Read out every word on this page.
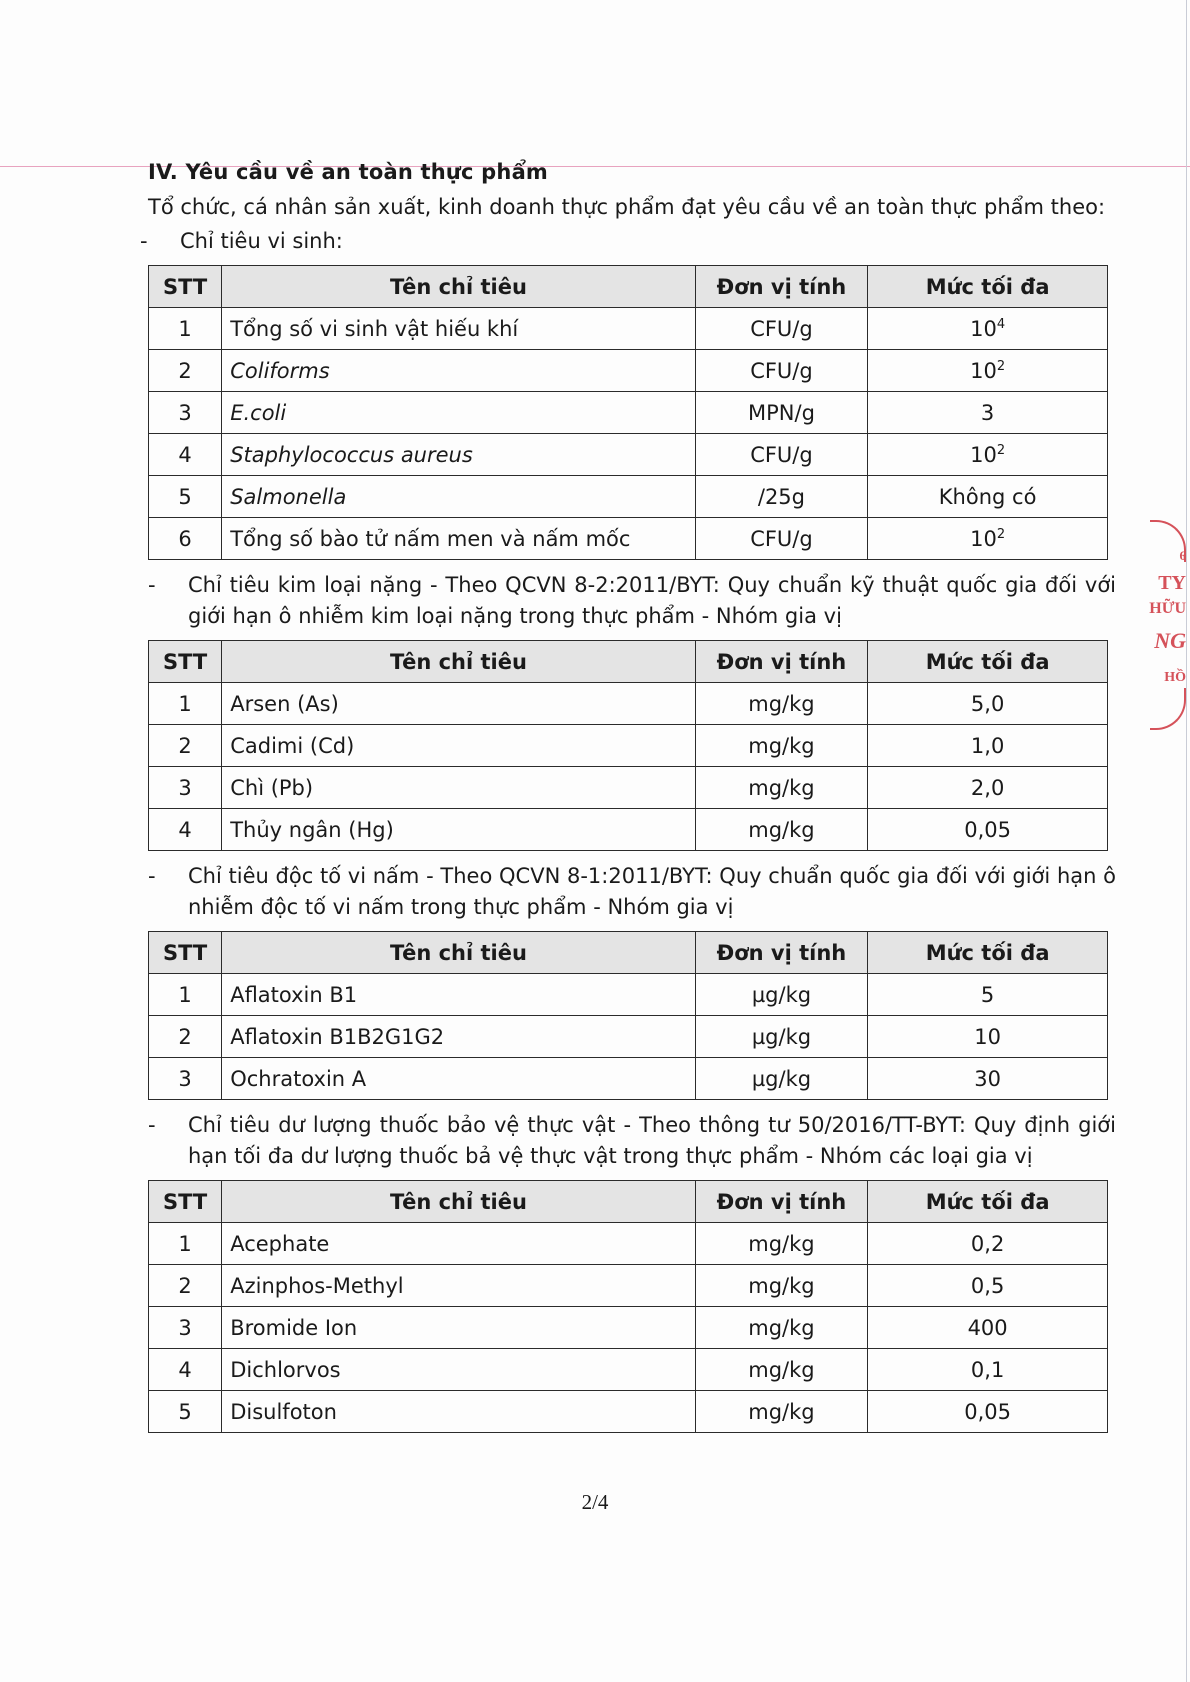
IV. Yêu cầu về an toàn thực phẩm

Tổ chức, cá nhân sản xuất, kinh doanh thực phẩm đạt yêu cầu về an toàn thực phẩm theo:

-	Chỉ tiêu vi sinh:
STT	Tên chỉ tiêu	Đơn vị tính	Mức tối đa
1	Tổng số vi sinh vật hiếu khí	CFU/g	$10^4$
2	Coliforms	CFU/g	$10^2$
3	E.coli	MPN/g	3
4	Staphylococcus aureus	CFU/g	$10^2$
5	Salmonella	/25g	Không có
6	Tổng số bào tử nấm men và nấm mốc	CFU/g	$10^2$
-	Chỉ tiêu kim loại nặng - Theo QCVN 8-2:2011/BYT: Quy chuẩn kỹ thuật quốc gia đối với giới hạn ô nhiễm kim loại nặng trong thực phẩm - Nhóm gia vị
STT	Tên chỉ tiêu	Đơn vị tính	Mức tối đa
1	Arsen (As)	mg/kg	5,0
2	Cadimi (Cd)	mg/kg	1,0
3	Chì (Pb)	mg/kg	2,0
4	Thủy ngân (Hg)	mg/kg	0,05
-	Chỉ tiêu độc tố vi nấm - Theo QCVN 8-1:2011/BYT: Quy chuẩn quốc gia đối với giới hạn ô nhiễm độc tố vi nấm trong thực phẩm - Nhóm gia vị
STT	Tên chỉ tiêu	Đơn vị tính	Mức tối đa
1	Aflatoxin B1	µg/kg	5
2	Aflatoxin B1B2G1G2	µg/kg	10
3	Ochratoxin A	µg/kg	30
-	Chỉ tiêu dư lượng thuốc bảo vệ thực vật - Theo thông tư 50/2016/TT-BYT: Quy định giới hạn tối đa dư lượng thuốc bả vệ thực vật trong thực phẩm - Nhóm các loại gia vị
STT	Tên chỉ tiêu	Đơn vị tính	Mức tối đa
1	Acephate	mg/kg	0,2
2	Azinphos-Methyl	mg/kg	0,5
3	Bromide Ion	mg/kg	400
4	Dichlorvos	mg/kg	0,1
5	Disulfoton	mg/kg	0,05
6
TY
HỮU
NG
HỒ
2/4
